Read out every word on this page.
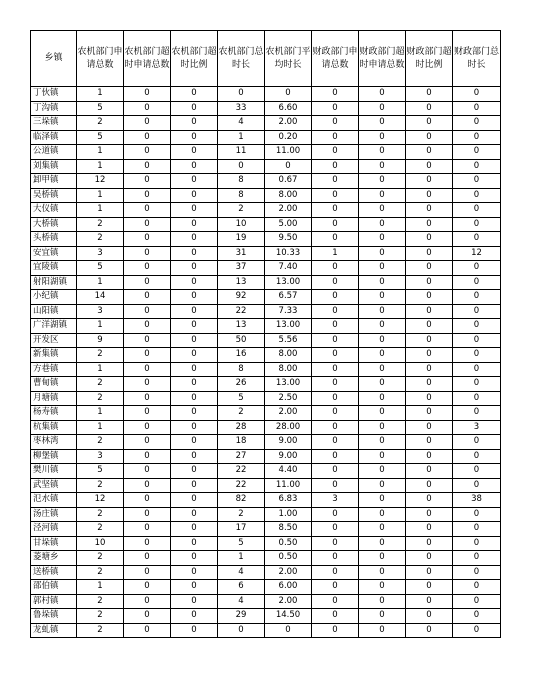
乡镇	农机部门申请总数	农机部门超时申请总数	农机部门超时比例	农机部门总时长	农机部门平均时长	财政部门申请总数	财政部门超时申请总数	财政部门超时比例	财政部门总时长
丁伙镇	1	0	0	0	0	0	0	0	0
丁沟镇	5	0	0	33	6.60	0	0	0	0
三垛镇	2	0	0	4	2.00	0	0	0	0
临泽镇	5	0	0	1	0.20	0	0	0	0
公道镇	1	0	0	11	11.00	0	0	0	0
刘集镇	1	0	0	0	0	0	0	0	0
卸甲镇	12	0	0	8	0.67	0	0	0	0
吴桥镇	1	0	0	8	8.00	0	0	0	0
大仪镇	1	0	0	2	2.00	0	0	0	0
大桥镇	2	0	0	10	5.00	0	0	0	0
头桥镇	2	0	0	19	9.50	0	0	0	0
安宜镇	3	0	0	31	10.33	1	0	0	12
宜陵镇	5	0	0	37	7.40	0	0	0	0
射阳湖镇	1	0	0	13	13.00	0	0	0	0
小纪镇	14	0	0	92	6.57	0	0	0	0
山阳镇	3	0	0	22	7.33	0	0	0	0
广洋湖镇	1	0	0	13	13.00	0	0	0	0
开发区	9	0	0	50	5.56	0	0	0	0
新集镇	2	0	0	16	8.00	0	0	0	0
方巷镇	1	0	0	8	8.00	0	0	0	0
曹甸镇	2	0	0	26	13.00	0	0	0	0
月塘镇	2	0	0	5	2.50	0	0	0	0
杨寿镇	1	0	0	2	2.00	0	0	0	0
杭集镇	1	0	0	28	28.00	0	0	0	3
枣林湾	2	0	0	18	9.00	0	0	0	0
柳堡镇	3	0	0	27	9.00	0	0	0	0
樊川镇	5	0	0	22	4.40	0	0	0	0
武坚镇	2	0	0	22	11.00	0	0	0	0
氾水镇	12	0	0	82	6.83	3	0	0	38
汤庄镇	2	0	0	2	1.00	0	0	0	0
泾河镇	2	0	0	17	8.50	0	0	0	0
甘垛镇	10	0	0	5	0.50	0	0	0	0
菱塘乡	2	0	0	1	0.50	0	0	0	0
送桥镇	2	0	0	4	2.00	0	0	0	0
邵伯镇	1	0	0	6	6.00	0	0	0	0
郭村镇	2	0	0	4	2.00	0	0	0	0
鲁垛镇	2	0	0	29	14.50	0	0	0	0
龙虬镇	2	0	0	0	0	0	0	0	0
